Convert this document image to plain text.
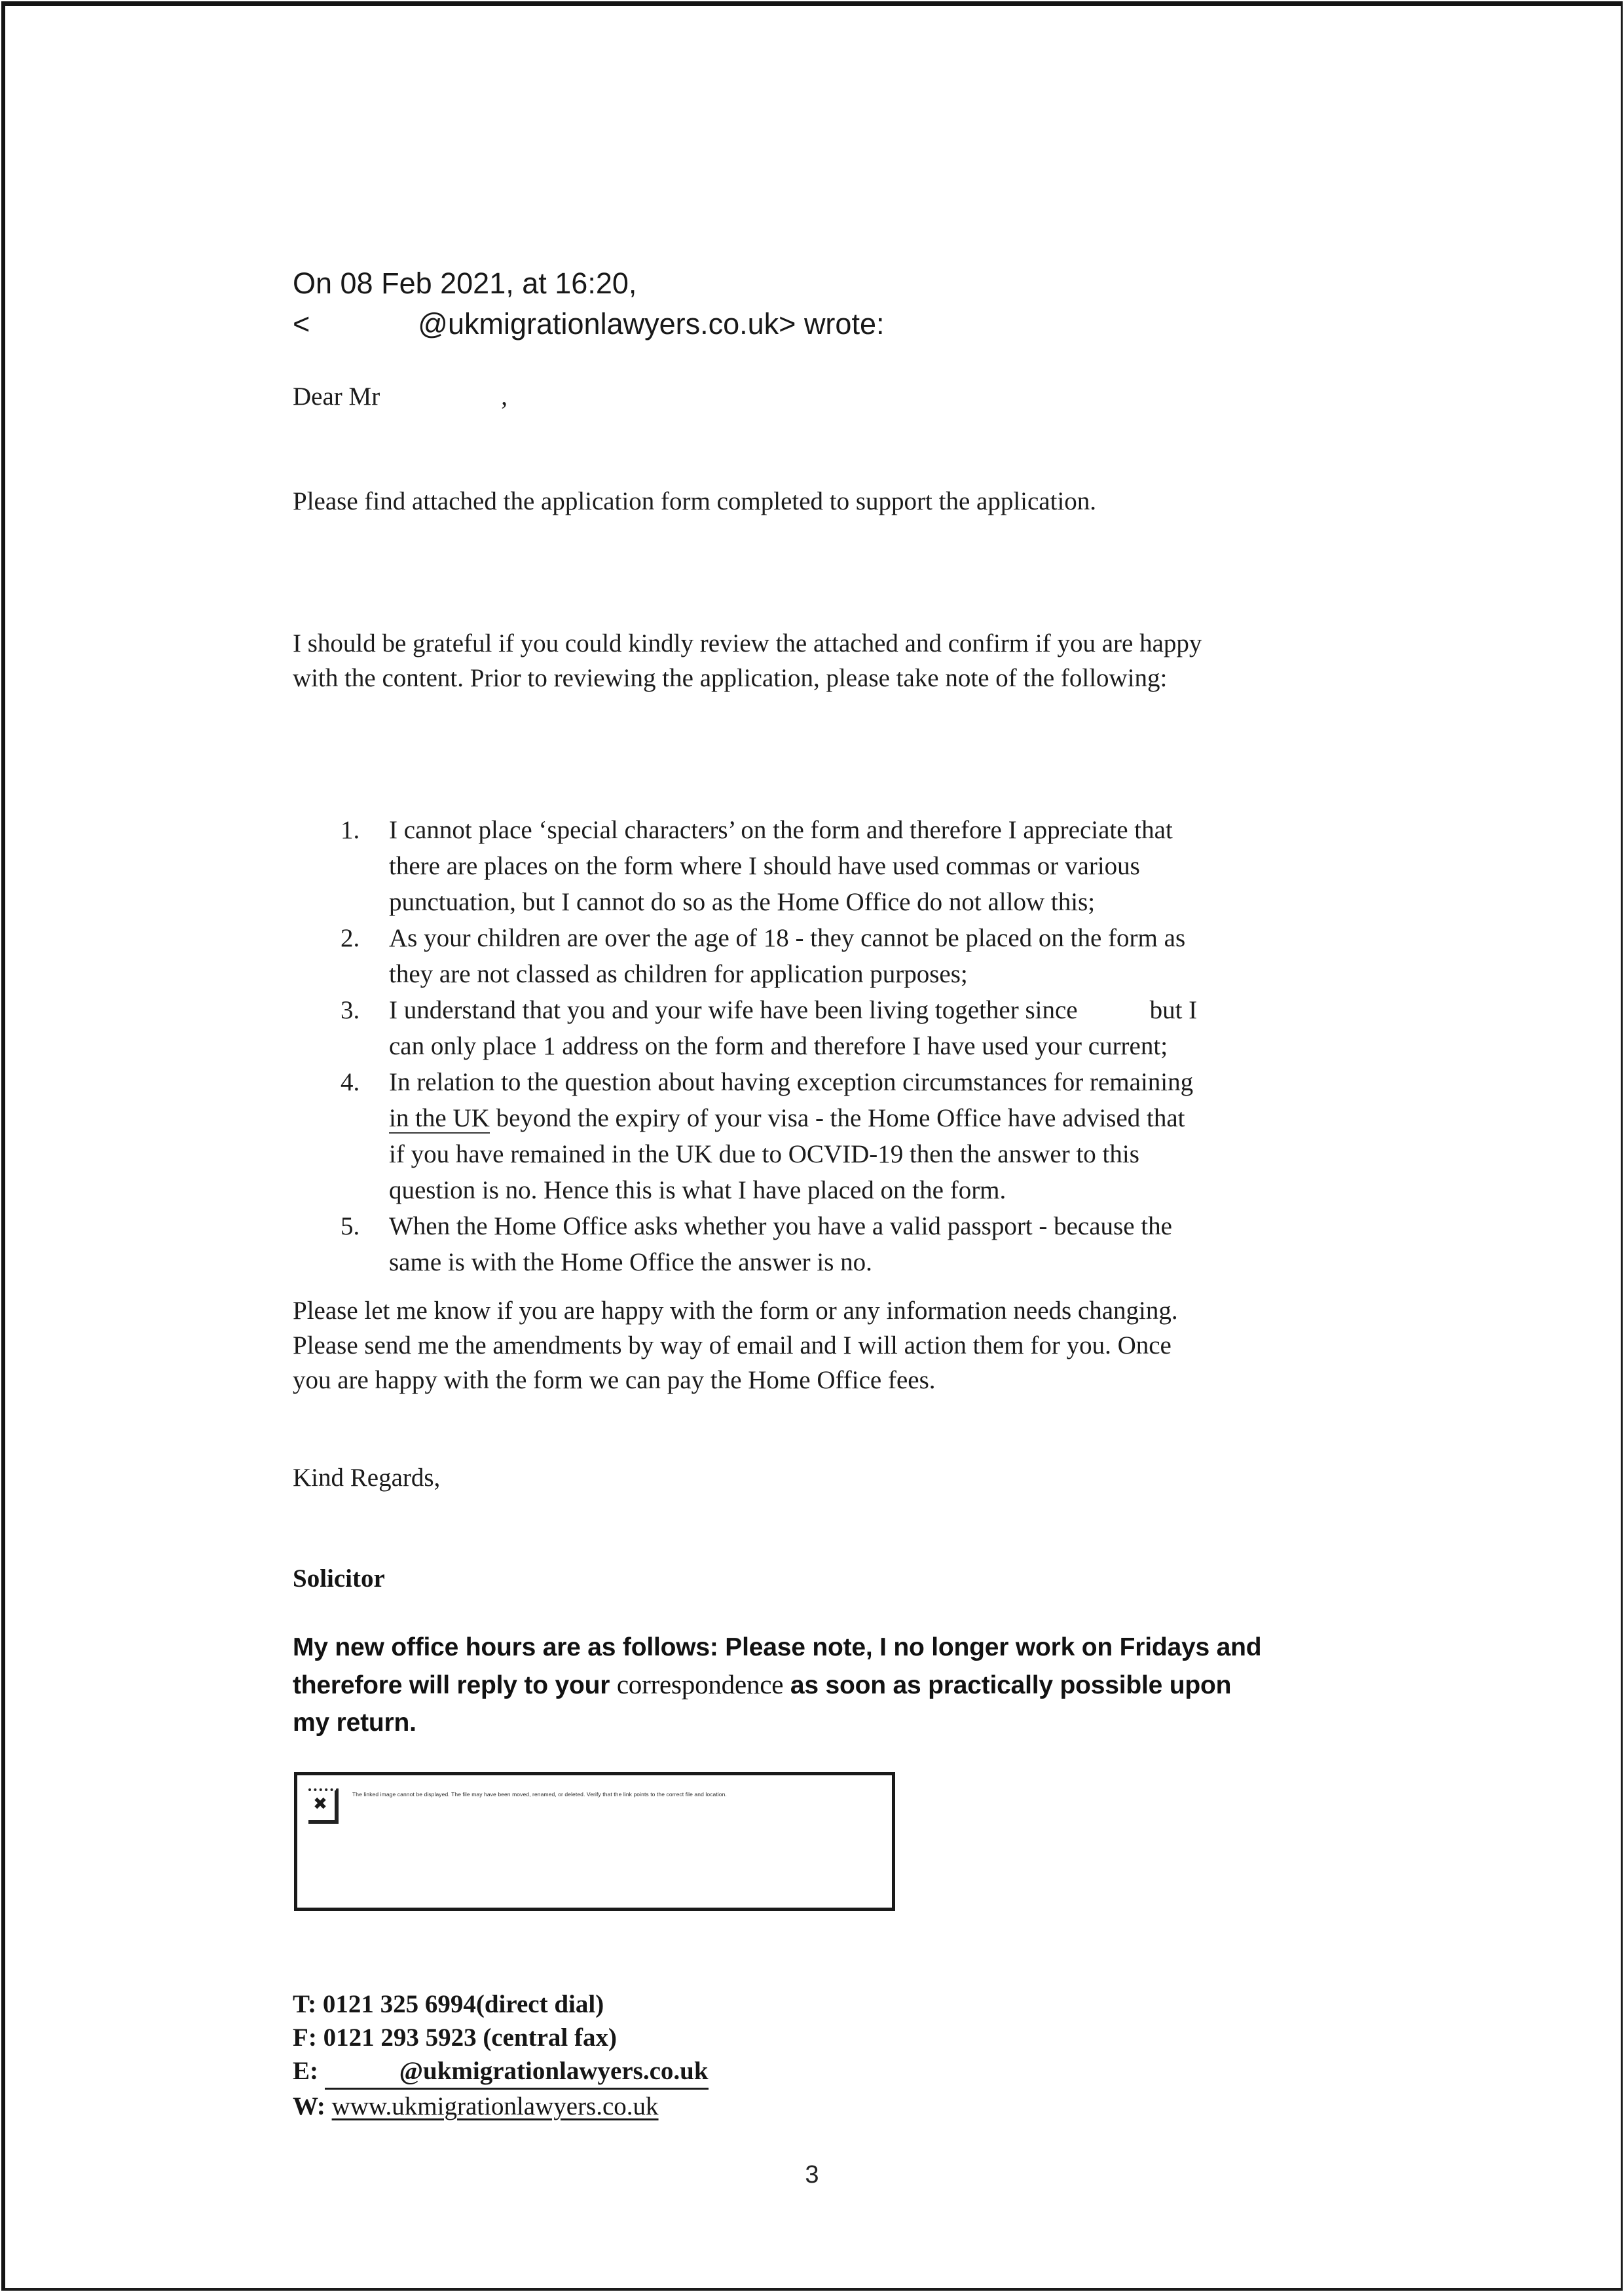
On 08 Feb 2021, at 16:20,
<	@ukmigrationlawyers.co.uk> wrote:
Dear Mr	,
Please find attached the application form completed to support the application.
I should be grateful if you could kindly review the attached and confirm if you are happy
with the content. Prior to reviewing the application, please take note of the following:
1.	I cannot place ‘special characters’ on the form and therefore I appreciate that
there are places on the form where I should have used commas or various
punctuation, but I cannot do so as the Home Office do not allow this;
2.	As your children are over the age of 18 - they cannot be placed on the form as
they are not classed as children for application purposes;
3.	I understand that you and your wife have been living together since	but I
can only place 1 address on the form and therefore I have used your current;
4.	In relation to the question about having exception circumstances for remaining
in the UK beyond the expiry of your visa - the Home Office have advised that
if you have remained in the UK due to OCVID-19 then the answer to this
question is no. Hence this is what I have placed on the form.
5.	When the Home Office asks whether you have a valid passport - because the
same is with the Home Office the answer is no.
Please let me know if you are happy with the form or any information needs changing.
Please send me the amendments by way of email and I will action them for you. Once
you are happy with the form we can pay the Home Office fees.
Kind Regards,
Solicitor
My new office hours are as follows: Please note, I no longer work on Fridays and
therefore will reply to your correspondence as soon as practically possible upon
my return.
✖	The linked image cannot be displayed. The file may have been moved, renamed, or deleted. Verify that the link points to the correct file and location.
T: 0121 325 6994(direct dial)
F: 0121 293 5923 (central fax)
E:	@ukmigrationlawyers.co.uk
W: www.ukmigrationlawyers.co.uk
3
